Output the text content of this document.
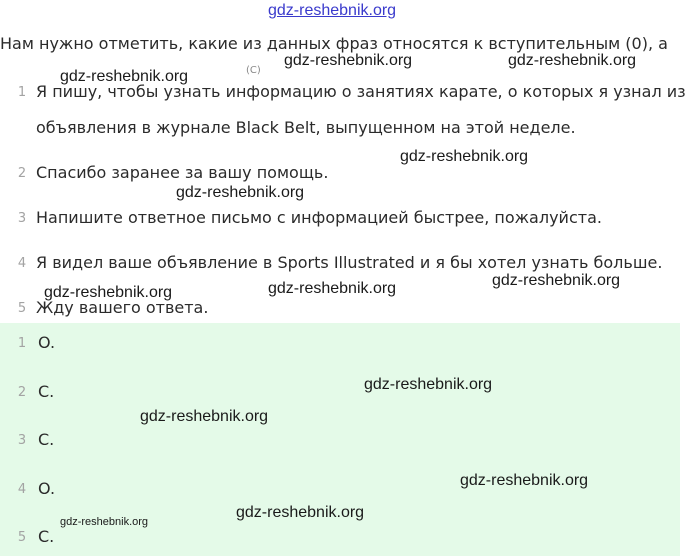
gdz-reshebnik.org
Нам нужно отметить, какие из данных фраз относятся к вступительным (0), а
(C)
1 Я пишу, чтобы узнать информацию о занятиях карате, о которых я узнал из
объявления в журнале Black Belt, выпущенном на этой неделе.
2 Спасибо заранее за вашу помощь.
3 Напишите ответное письмо с информацией быстрее, пожалуйста.
4 Я видел ваше объявление в Sports Illustrated и я бы хотел узнать больше.
5 Жду вашего ответа.
1 O.
2 C.
3 C.
4 O.
5 C.
gdz-reshebnik.org
gdz-reshebnik.org	gdz-reshebnik.org
gdz-reshebnik.org
gdz-reshebnik.org
gdz-reshebnik.org	gdz-reshebnik.org	gdz-reshebnik.org
gdz-reshebnik.org
gdz-reshebnik.org
gdz-reshebnik.org
gdz-reshebnik.org
gdz-reshebnik.org
